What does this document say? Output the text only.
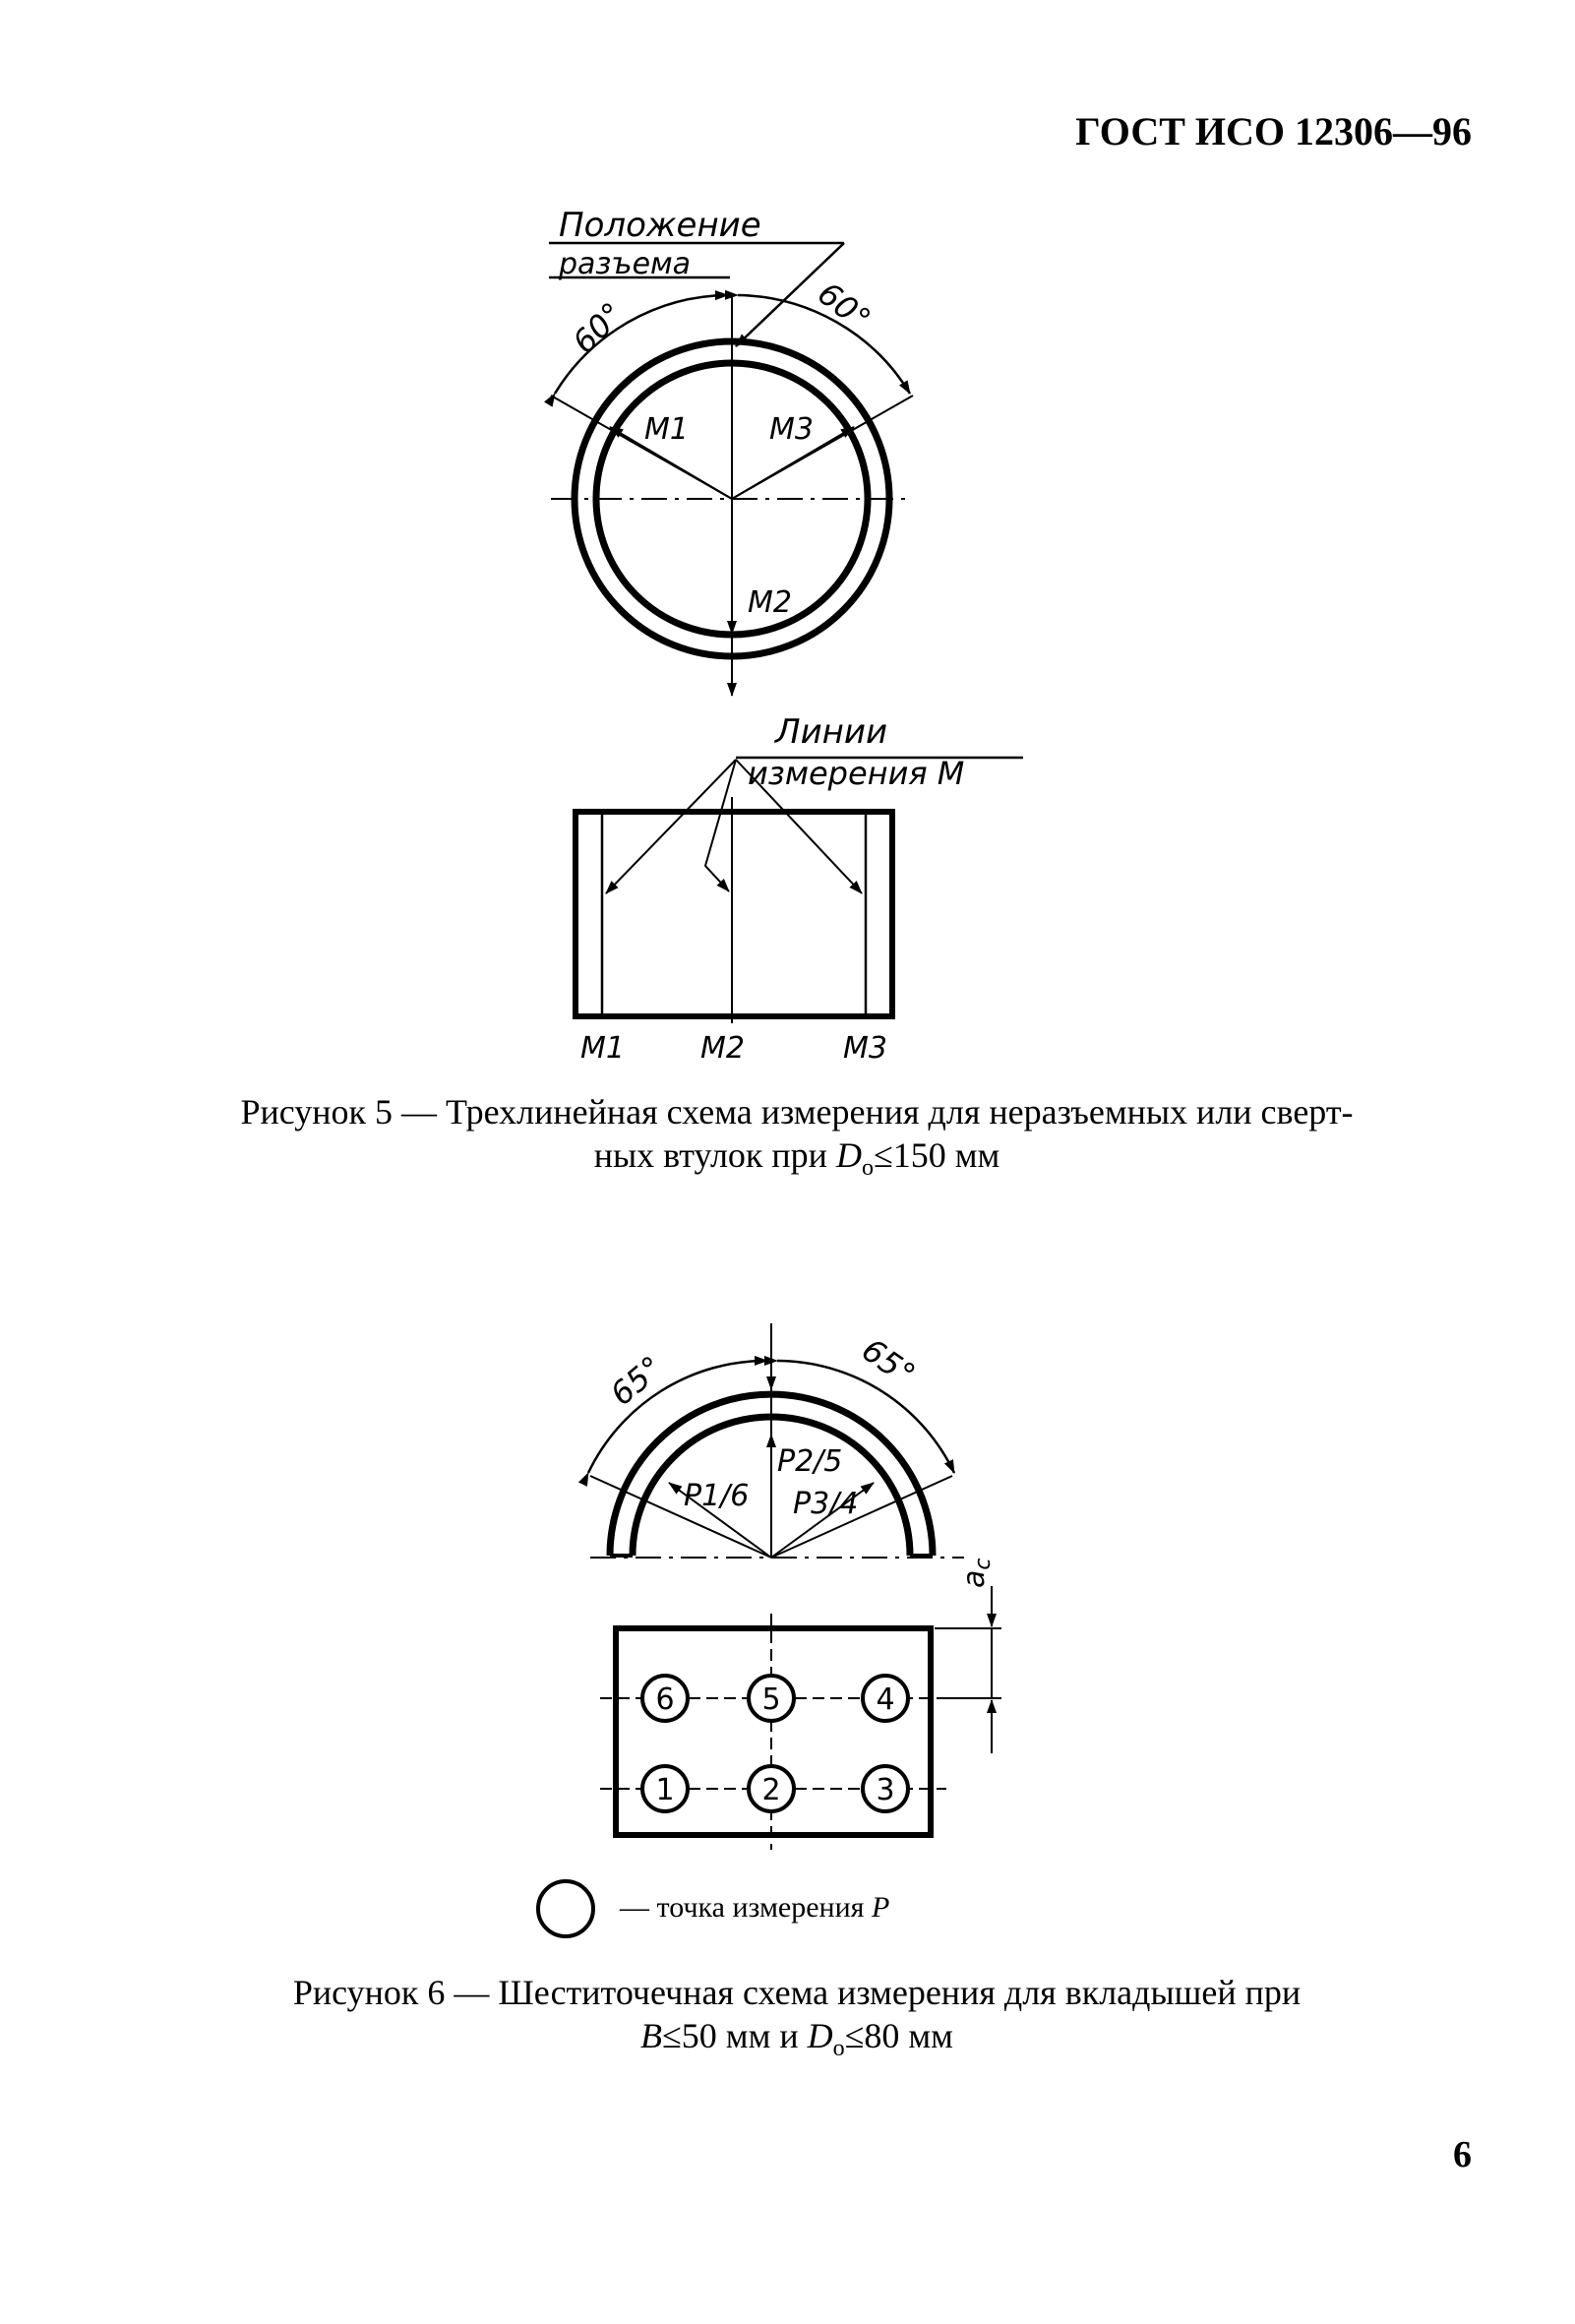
ГОСТ ИСО 12306—96
Положение
разъема
60°	60°
M1	M3
M2
Линии
измерения M
M1	M2	M3
Рисунок 5 — Трехлинейная схема измерения для неразъемных или сверт-
ных втулок при $D_o\le 150$ мм
65°	65°
P1/6
P2/5
P3/4
$a_c$
6	5	4
1	2	3
— точка измерения P
Рисунок 6 — Шеститочечная схема измерения для вкладышей при
B≤50 мм и $D_o\le 80$ мм
6
